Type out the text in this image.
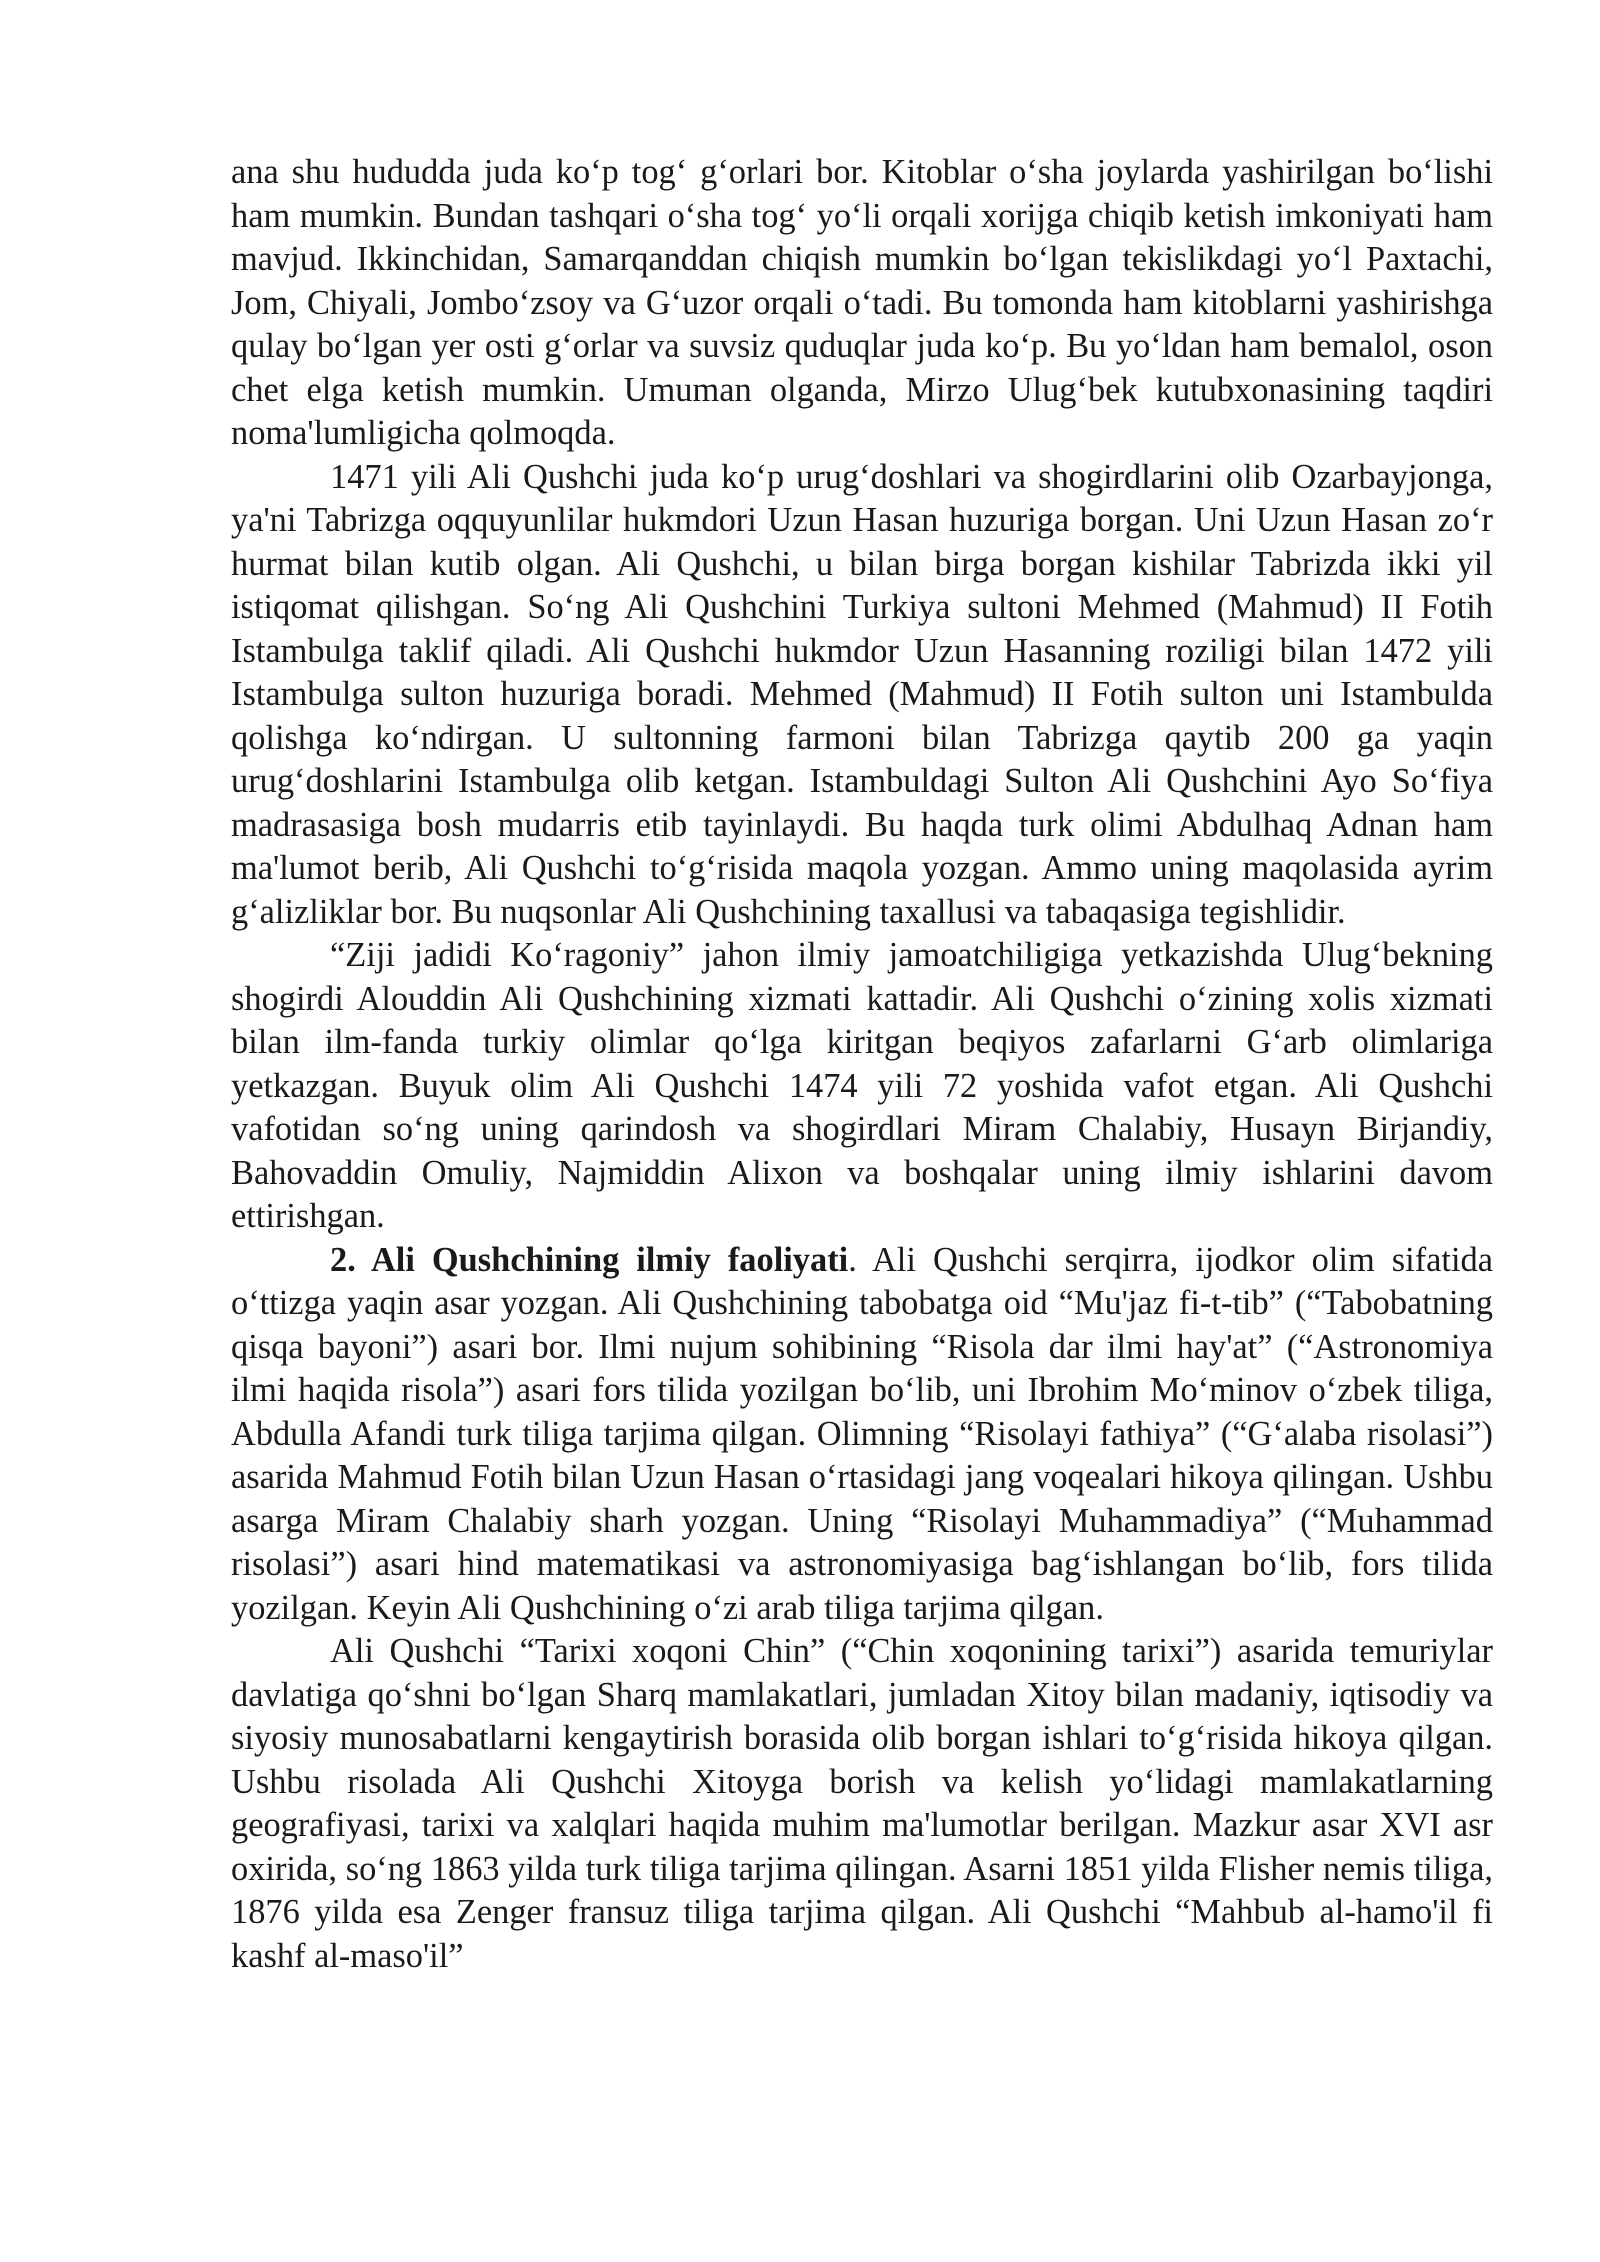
ana shu hududda juda ko‘p tog‘ g‘orlari bor. Kitoblar o‘sha joylarda yashirilgan bo‘lishi ham mumkin. Bundan tashqari o‘sha tog‘ yo‘li orqali xorijga chiqib ketish imkoniyati ham mavjud. Ikkinchidan, Samarqanddan chiqish mumkin bo‘lgan tekislikdagi yo‘l Paxtachi, Jom, Chiyali, Jombo‘zsoy va G‘uzor orqali o‘tadi. Bu tomonda ham kitoblarni yashirishga qulay bo‘lgan yer osti g‘orlar va suvsiz quduqlar juda ko‘p. Bu yo‘ldan ham bemalol, oson chet elga ketish mumkin. Umuman olganda, Mirzo Ulug‘bek kutubxonasining taqdiri noma'lumligicha qolmoqda.

1471 yili Ali Qushchi juda ko‘p urug‘doshlari va shogirdlarini olib Ozarbayjonga, ya'ni Tabrizga oqquyunlilar hukmdori Uzun Hasan huzuriga borgan. Uni Uzun Hasan zo‘r hurmat bilan kutib olgan. Ali Qushchi, u bilan birga borgan kishilar Tabrizda ikki yil istiqomat qilishgan. So‘ng Ali Qushchini Turkiya sultoni Mehmed (Mahmud) II Fotih Istambulga taklif qiladi. Ali Qushchi hukmdor Uzun Hasanning roziligi bilan 1472 yili Istambulga sulton huzuriga boradi. Mehmed (Mahmud) II Fotih sulton uni Istambulda qolishga ko‘ndirgan. U sultonning farmoni bilan Tabrizga qaytib 200 ga yaqin urug‘doshlarini Istambulga olib ketgan. Istambuldagi Sulton Ali Qushchini Ayo So‘fiya madrasasiga bosh mudarris etib tayinlaydi. Bu haqda turk olimi Abdulhaq Adnan ham ma'lumot berib, Ali Qushchi to‘g‘risida maqola yozgan. Ammo uning maqolasida ayrim g‘alizliklar bor. Bu nuqsonlar Ali Qushchining taxallusi va tabaqasiga tegishlidir.

“Ziji jadidi Ko‘ragoniy” jahon ilmiy jamoatchiligiga yetkazishda Ulug‘bekning shogirdi Alouddin Ali Qushchining xizmati kattadir. Ali Qushchi o‘zining xolis xizmati bilan ilm-fanda turkiy olimlar qo‘lga kiritgan beqiyos zafarlarni G‘arb olimlariga yetkazgan. Buyuk olim Ali Qushchi 1474 yili 72 yoshida vafot etgan. Ali Qushchi vafotidan so‘ng uning qarindosh va shogirdlari Miram Chalabiy, Husayn Birjandiy, Bahovaddin Omuliy, Najmiddin Alixon va boshqalar uning ilmiy ishlarini davom ettirishgan.

2. Ali Qushchining ilmiy faoliyati. Ali Qushchi serqirra, ijodkor olim sifatida o‘ttizga yaqin asar yozgan. Ali Qushchining tabobatga oid “Mu'jaz fi-t-tib” (“Tabobatning qisqa bayoni”) asari bor. Ilmi nujum sohibining “Risola dar ilmi hay'at” (“Astronomiya ilmi haqida risola”) asari fors tilida yozilgan bo‘lib, uni Ibrohim Mo‘minov o‘zbek tiliga, Abdulla Afandi turk tiliga tarjima qilgan. Olimning “Risolayi fathiya” (“G‘alaba risolasi”) asarida Mahmud Fotih bilan Uzun Hasan o‘rtasidagi jang voqealari hikoya qilingan. Ushbu asarga Miram Chalabiy sharh yozgan. Uning “Risolayi Muhammadiya” (“Muhammad risolasi”) asari hind matematikasi va astronomiyasiga bag‘ishlangan bo‘lib, fors tilida yozilgan. Keyin Ali Qushchining o‘zi arab tiliga tarjima qilgan.

Ali Qushchi “Tarixi xoqoni Chin” (“Chin xoqonining tarixi”) asarida temuriylar davlatiga qo‘shni bo‘lgan Sharq mamlakatlari, jumladan Xitoy bilan madaniy, iqtisodiy va siyosiy munosabatlarni kengaytirish borasida olib borgan ishlari to‘g‘risida hikoya qilgan. Ushbu risolada Ali Qushchi Xitoyga borish va kelish yo‘lidagi mamlakatlarning geografiyasi, tarixi va xalqlari haqida muhim ma'lumotlar berilgan. Mazkur asar XVI asr oxirida, so‘ng 1863 yilda turk tiliga tarjima qilingan. Asarni 1851 yilda Flisher nemis tiliga, 1876 yilda esa Zenger fransuz tiliga tarjima qilgan. Ali Qushchi “Mahbub al-hamo'il fi kashf al-maso'il”
